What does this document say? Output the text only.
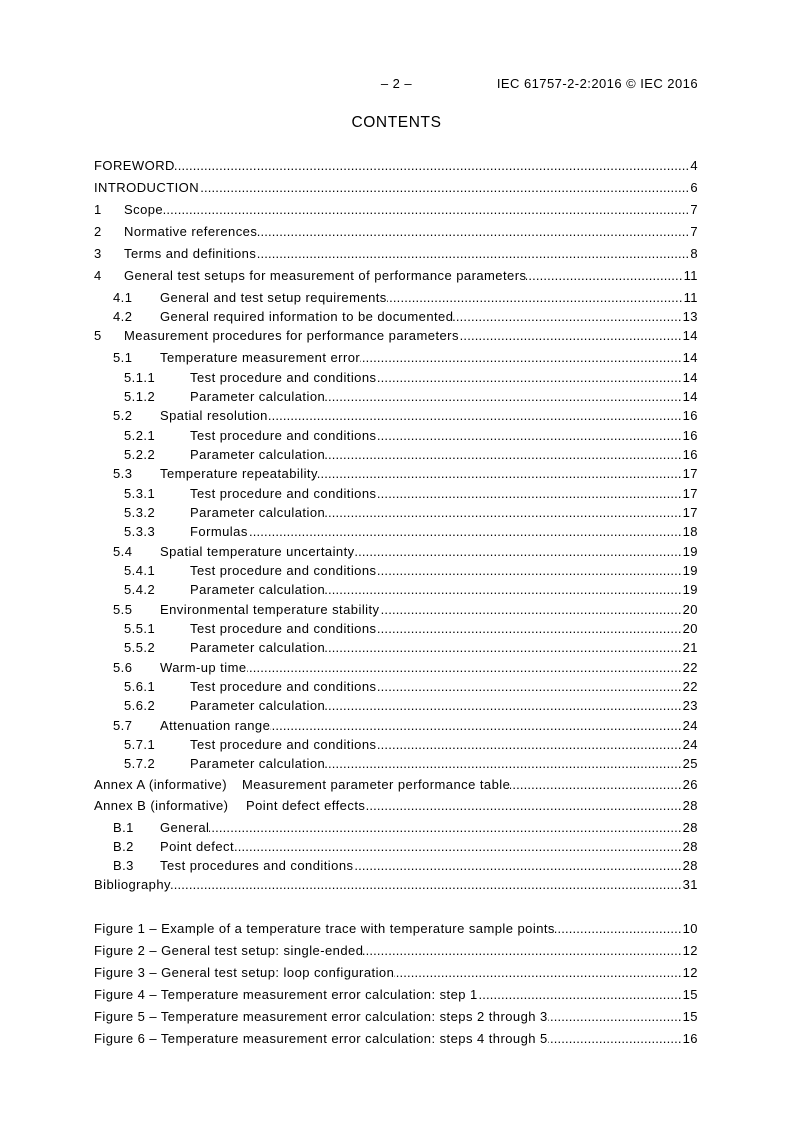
– 2 –	IEC 61757-2-2:2016 © IEC 2016
CONTENTS
FOREWORD .....	4
INTRODUCTION .....	6
1	Scope .....	7
2	Normative references .....	7
3	Terms and definitions .....	8
4	General test setups for measurement of performance parameters .....	11
4.1	General and test setup requirements .....	11
4.2	General required information to be documented .....	13
5	Measurement procedures for performance parameters .....	14
5.1	Temperature measurement error .....	14
5.1.1	Test procedure and conditions .....	14
5.1.2	Parameter calculation .....	14
5.2	Spatial resolution .....	16
5.2.1	Test procedure and conditions .....	16
5.2.2	Parameter calculation .....	16
5.3	Temperature repeatability .....	17
5.3.1	Test procedure and conditions .....	17
5.3.2	Parameter calculation .....	17
5.3.3	Formulas .....	18
5.4	Spatial temperature uncertainty .....	19
5.4.1	Test procedure and conditions .....	19
5.4.2	Parameter calculation .....	19
5.5	Environmental temperature stability .....	20
5.5.1	Test procedure and conditions .....	20
5.5.2	Parameter calculation .....	21
5.6	Warm-up time .....	22
5.6.1	Test procedure and conditions .....	22
5.6.2	Parameter calculation .....	23
5.7	Attenuation range .....	24
5.7.1	Test procedure and conditions .....	24
5.7.2	Parameter calculation .....	25
Annex A (informative)	Measurement parameter performance table .....	26
Annex B (informative)	Point defect effects .....	28
B.1	General .....	28
B.2	Point defect .....	28
B.3	Test procedures and conditions .....	28
Bibliography .....	31
Figure 1 – Example of a temperature trace with temperature sample points .....	10
Figure 2 – General test setup: single-ended .....	12
Figure 3 – General test setup: loop configuration .....	12
Figure 4 – Temperature measurement error calculation: step 1 .....	15
Figure 5 – Temperature measurement error calculation: steps 2 through 3 .....	15
Figure 6 – Temperature measurement error calculation: steps 4 through 5 .....	16
